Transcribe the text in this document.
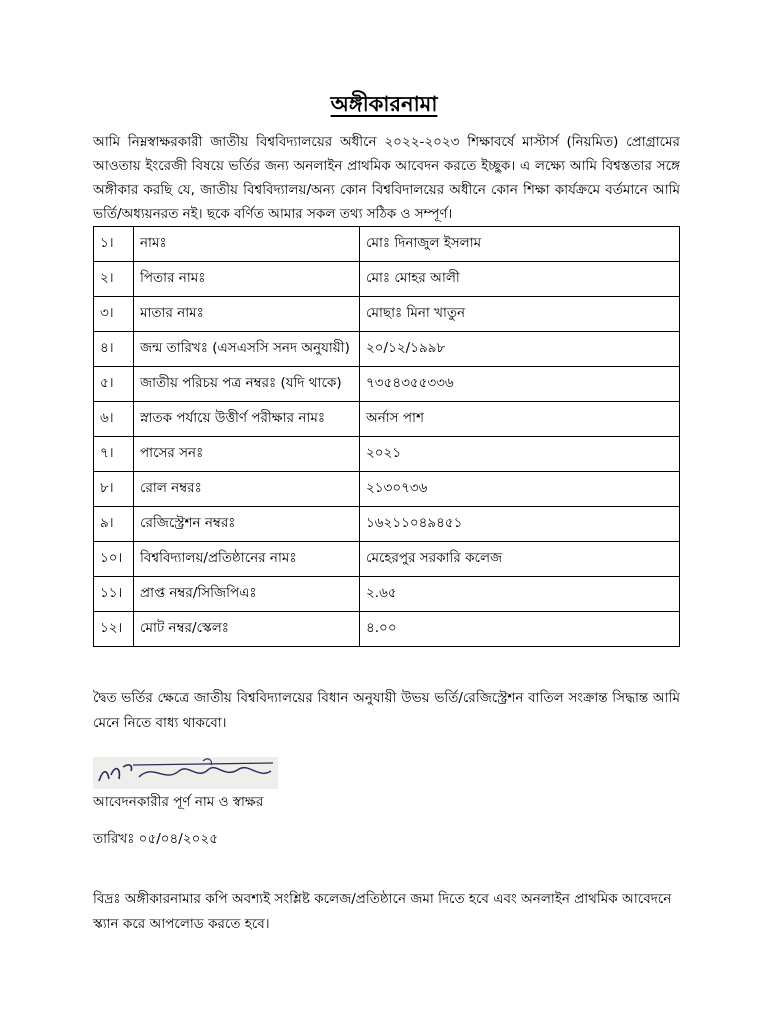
অঙ্গীকারনামা
আমি নিম্নস্বাক্ষরকারী জাতীয় বিশ্ববিদ্যালয়ের অধীনে ২০২২-২০২৩ শিক্ষাবর্ষে মাস্টার্স (নিয়মিত) প্রোগ্রামের আওতায় ইংরেজী বিষয়ে ভর্তির জন্য অনলাইন প্রাথমিক আবেদন করতে ইচ্ছুক। এ লক্ষ্যে আমি বিশ্বস্ততার সঙ্গে অঙ্গীকার করছি যে, জাতীয় বিশ্ববিদ্যালয়/অন্য কোন বিশ্ববিদালয়ের অধীনে কোন শিক্ষা কার্যক্রমে বর্তমানে আমি ভর্তি/অধ্যয়নরত নই। ছকে বর্ণিত আমার সকল তথ্য সঠিক ও সম্পূর্ণ।
১।	নামঃ	মোঃ দিনাজুল ইসলাম
২।	পিতার নামঃ	মোঃ মোহর আলী
৩।	মাতার নামঃ	মোছাঃ মিনা খাতুন
৪।	জন্ম তারিখঃ (এসএসসি সনদ অনুযায়ী)	২০/১২/১৯৯৮
৫।	জাতীয় পরিচয় পত্র নম্বরঃ (যদি থাকে)	৭৩৫৪৩৫৫৩৩৬
৬।	স্নাতক পর্যায়ে উত্তীর্ণ পরীক্ষার নামঃ	অর্নাস পাশ
৭।	পাসের সনঃ	২০২১
৮।	রোল নম্বরঃ	২১৩০৭৩৬
৯।	রেজিস্ট্রেশন নম্বরঃ	১৬২১১০৪৯৪৫১
১০।	বিশ্ববিদ্যালয়/প্রতিষ্ঠানের নামঃ	মেহেরপুর সরকারি কলেজ
১১।	প্রাপ্ত নম্বর/সিজিপিএঃ	২.৬৫
১২।	মোট নম্বর/স্কেলঃ	৪.০০
দ্বৈত ভর্তির ক্ষেত্রে জাতীয় বিশ্ববিদ্যালয়ের বিধান অনুযায়ী উভয় ভর্তি/রেজিস্ট্রেশন বাতিল সংক্রান্ত সিদ্ধান্ত আমি মেনে নিতে বাধ্য থাকবো।
আবেদনকারীর পূর্ণ নাম ও স্বাক্ষর
তারিখঃ ০৫/০৪/২০২৫
বিদ্রঃ অঙ্গীকারনামার কপি অবশ্যই সংশ্লিষ্ট কলেজ/প্রতিষ্ঠানে জমা দিতে হবে এবং অনলাইন প্রাথমিক আবেদনে স্ক্যান করে আপলোড করতে হবে।
